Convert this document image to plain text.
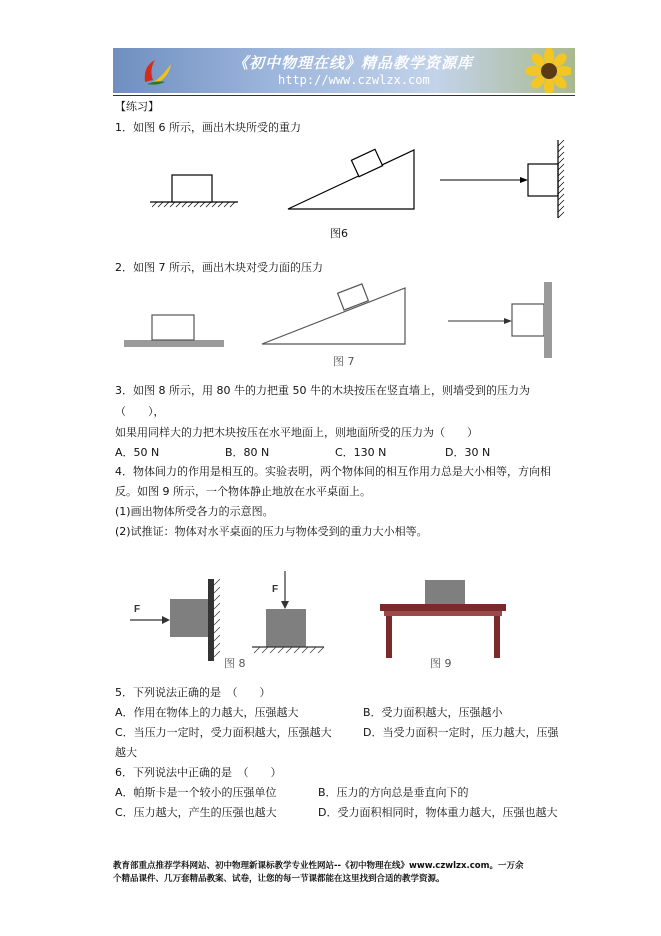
《初中物理在线》精品教学资源库
http://www.czwlzx.com
【练习】
1．如图 6 所示，画出木块所受的重力
图6
2．如图 7 所示，画出木块对受力面的压力
图 7
3．如图 8 所示，用 80 牛的力把重 50 牛的木块按压在竖直墙上，则墙受到的压力为
（　　），
如果用同样大的力把木块按压在水平地面上，则地面所受的压力为（　　）
A．50 N	B．80 N	C．130 N	D．30 N
4．物体间力的作用是相互的。实验表明，两个物体间的相互作用力总是大小相等，方向相
反。如图 9 所示，一个物体静止地放在水平桌面上。
(1)画出物体所受各力的示意图。
(2)试推证：物体对水平桌面的压力与物体受到的重力大小相等。
F
F
图 8	图 9
5．下列说法正确的是　（　　）
A．作用在物体上的力越大，压强越大	B．受力面积越大，压强越小
C．当压力一定时，受力面积越大，压强越大	D．当受力面积一定时，压力越大，压强
越大
6．下列说法中正确的是　（　　）
A．帕斯卡是一个较小的压强单位	B．压力的方向总是垂直向下的
C．压力越大，产生的压强也越大	D．受力面积相同时，物体重力越大，压强也越大
教育部重点推荐学科网站、初中物理新课标教学专业性网站--《初中物理在线》www.czwlzx.com。一万余
个精品课件、几万套精品教案、试卷，让您的每一节课都能在这里找到合适的教学资源。
